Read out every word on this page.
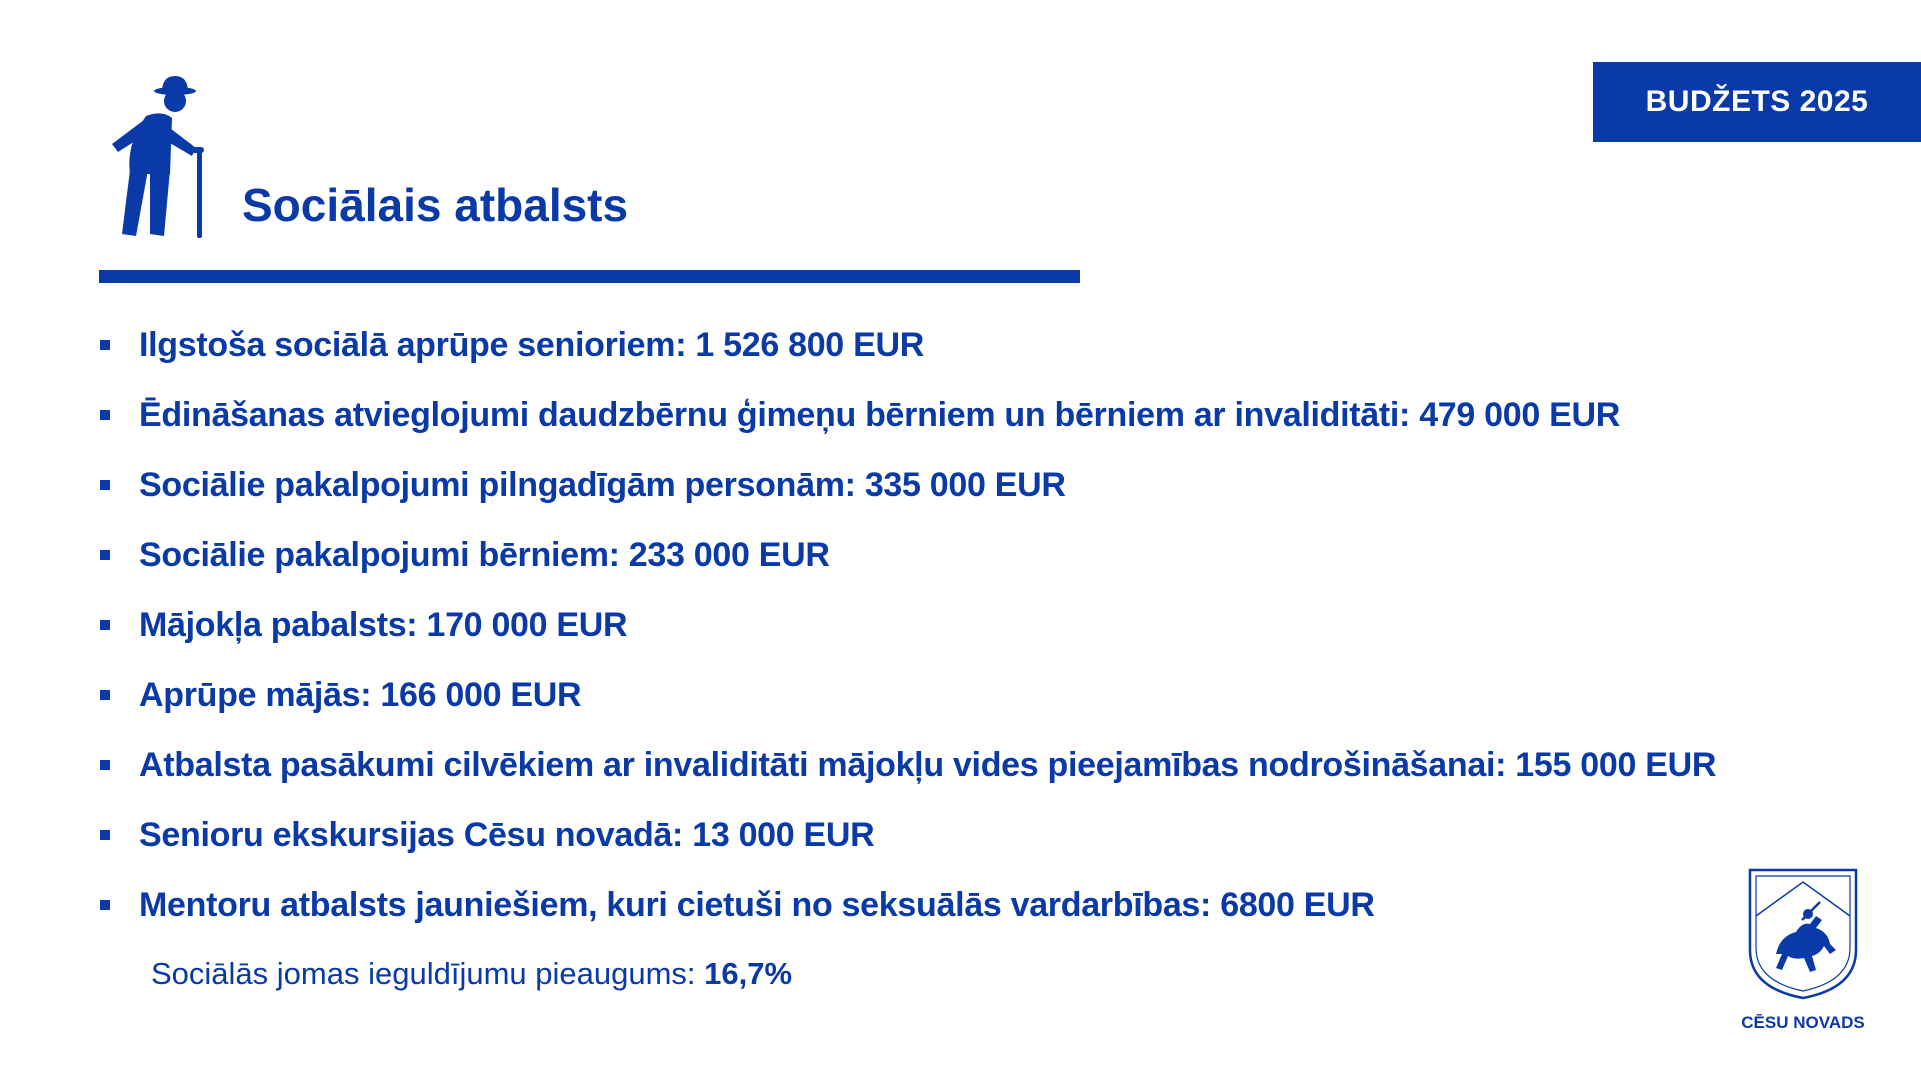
BUDŽETS 2025
Sociālais atbalsts
Ilgstoša sociālā aprūpe senioriem: 1 526 800 EUR
Ēdināšanas atvieglojumi daudzbērnu ģimeņu bērniem un bērniem ar invaliditāti: 479 000 EUR
Sociālie pakalpojumi pilngadīgām personām: 335 000 EUR
Sociālie pakalpojumi bērniem: 233 000 EUR
Mājokļa pabalsts: 170 000 EUR
Aprūpe mājās: 166 000 EUR
Atbalsta pasākumi cilvēkiem ar invaliditāti mājokļu vides pieejamības nodrošināšanai: 155 000 EUR
Senioru ekskursijas Cēsu novadā: 13 000 EUR
Mentoru atbalsts jauniešiem, kuri cietuši no seksuālās vardarbības: 6800 EUR
Sociālās jomas ieguldījumu pieaugums: 16,7%
CĒSU NOVADS
